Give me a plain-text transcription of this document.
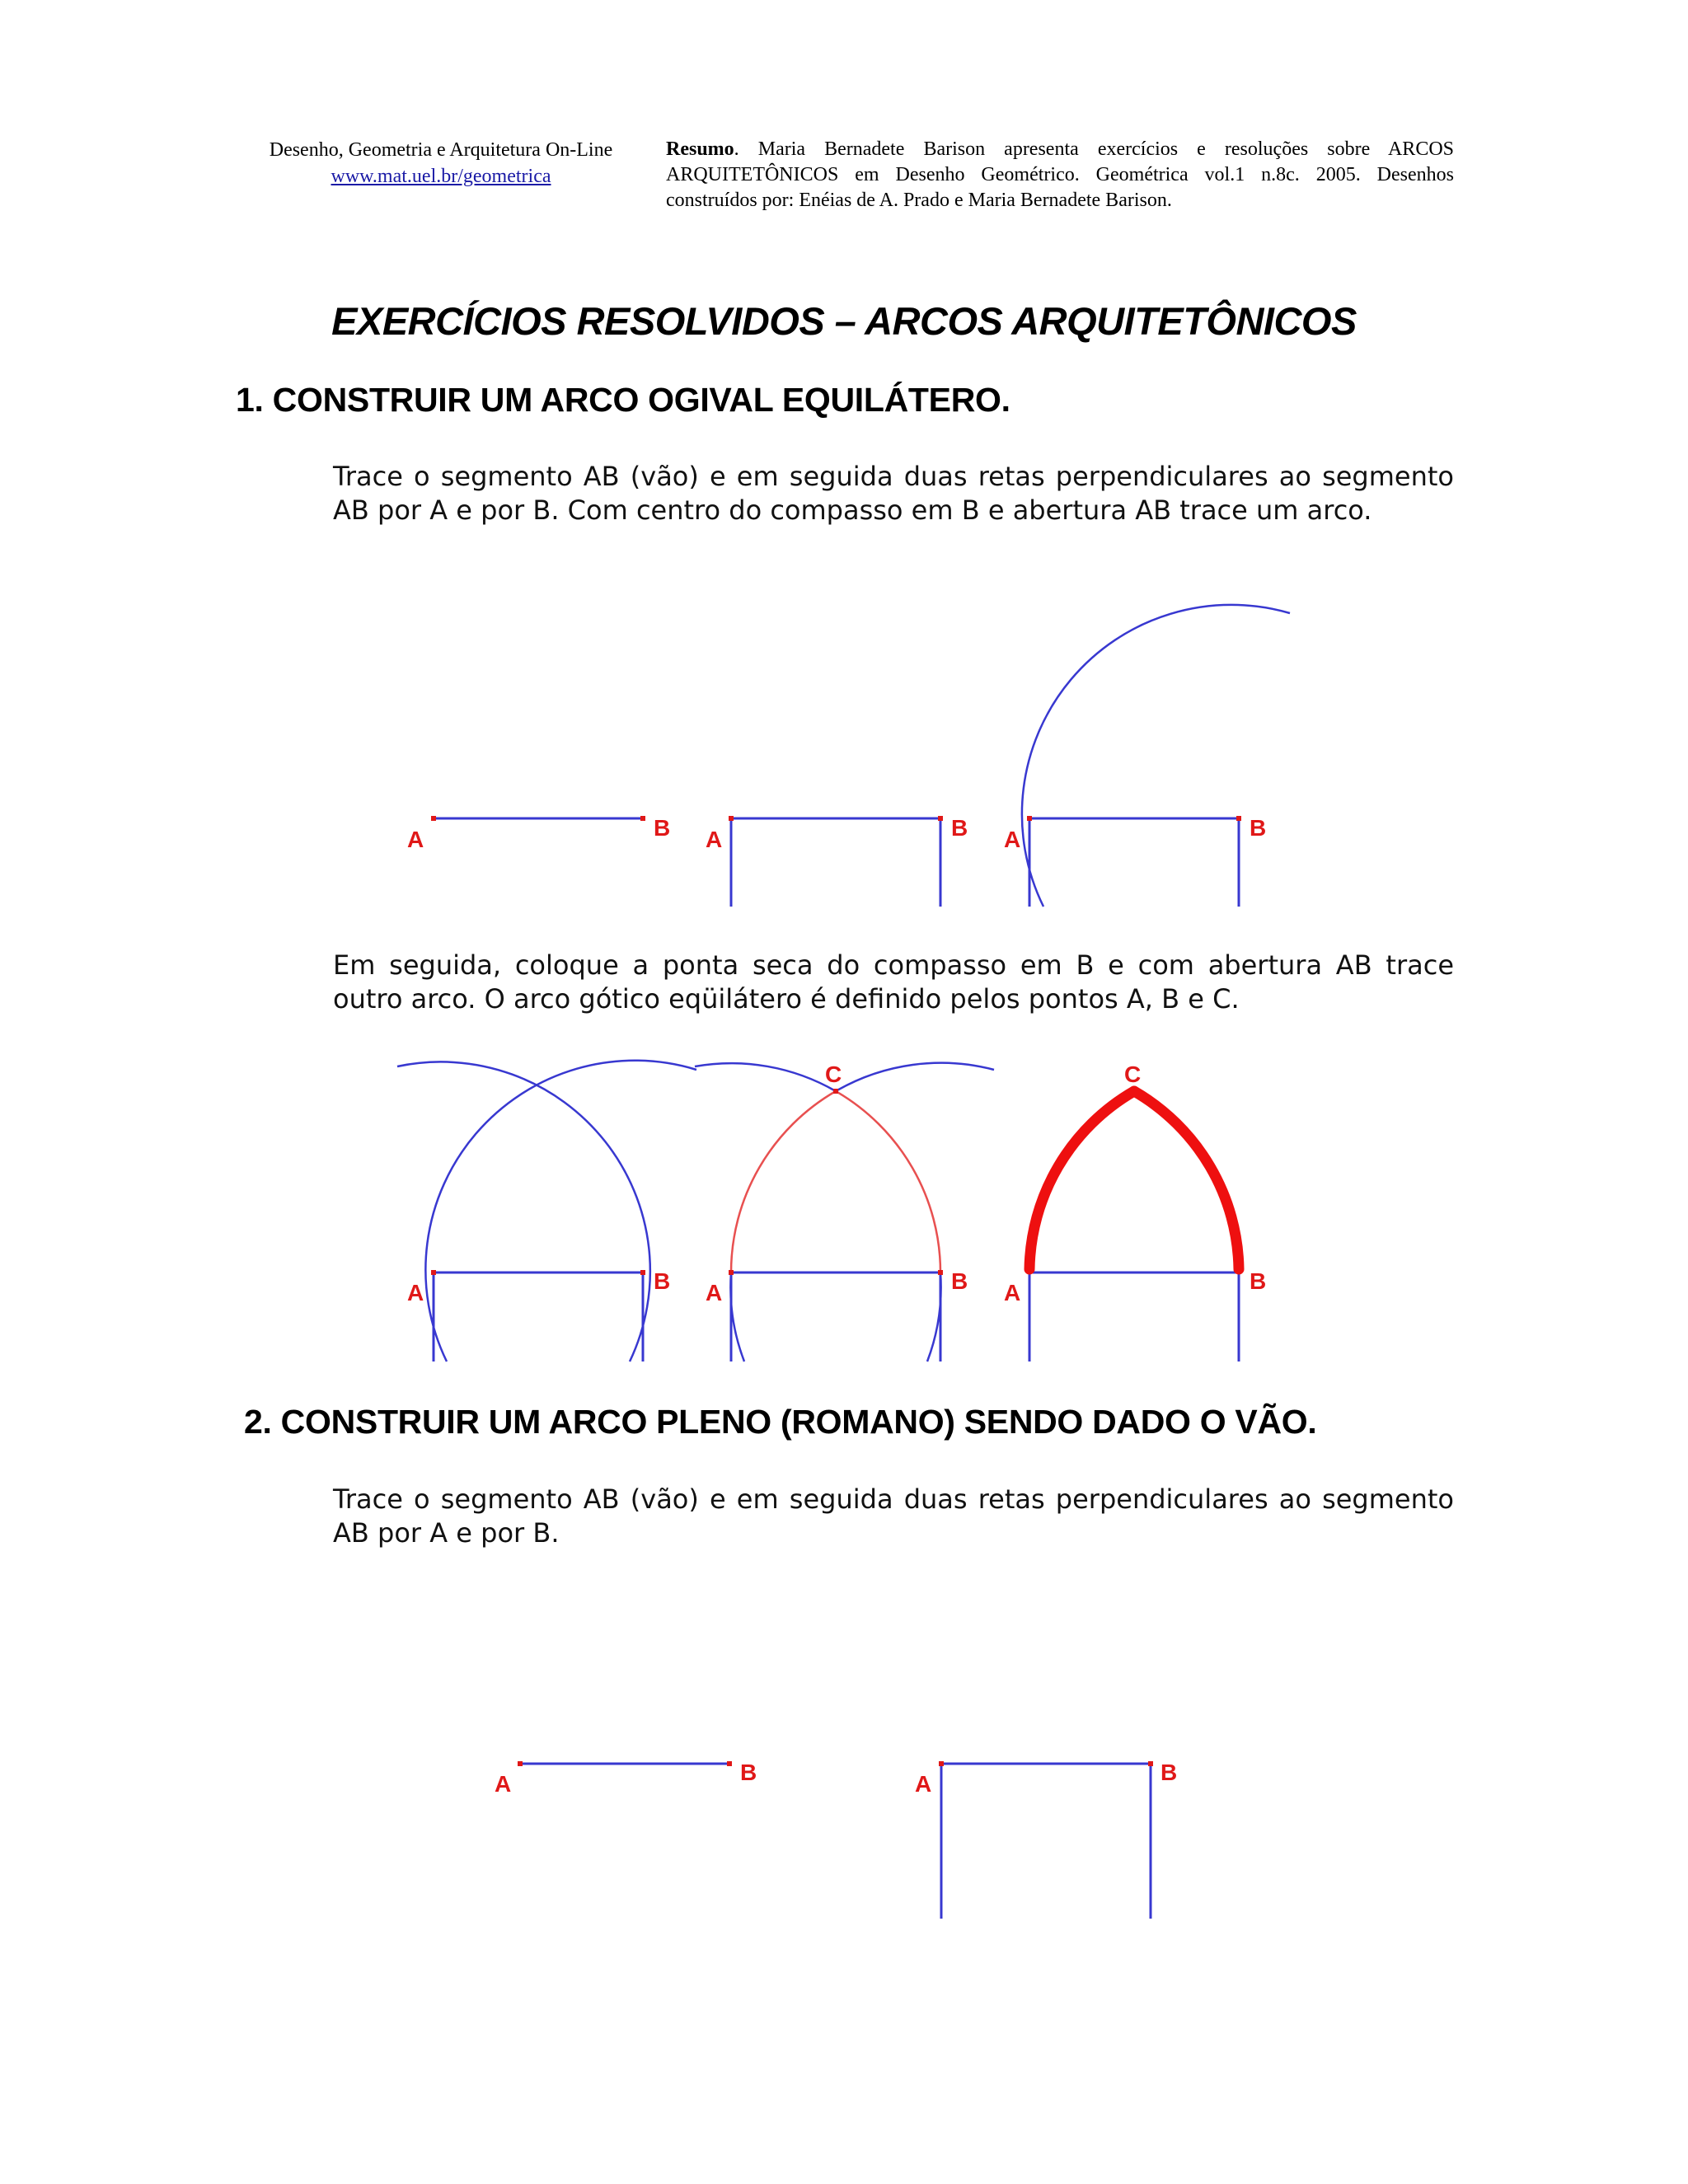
Desenho, Geometria e Arquitetura On-Line
www.mat.uel.br/geometrica
Resumo. Maria Bernadete Barison apresenta exercícios e resoluções sobre ARCOS ARQUITETÔNICOS em Desenho Geométrico. Geométrica vol.1 n.8c. 2005. Desenhos construídos por: Enéias de A. Prado e Maria Bernadete Barison.
EXERCÍCIOS RESOLVIDOS – ARCOS ARQUITETÔNICOS
1. CONSTRUIR UM ARCO OGIVAL EQUILÁTERO.
Trace o segmento AB (vão) e em seguida duas retas perpendiculares ao segmento AB por A e por B. Com centro do compasso em B e abertura AB trace um arco.
A	B A	B A	B
Em seguida, coloque a ponta seca do compasso em B e com abertura AB trace outro arco. O arco gótico eqüilátero é definido pelos pontos A, B e C.
A	B A	B
C
A	B
C
2. CONSTRUIR UM ARCO PLENO (ROMANO) SENDO DADO O VÃO.
Trace o segmento AB (vão) e em seguida duas retas perpendiculares ao segmento AB por A e por B.
A	B	A	B
